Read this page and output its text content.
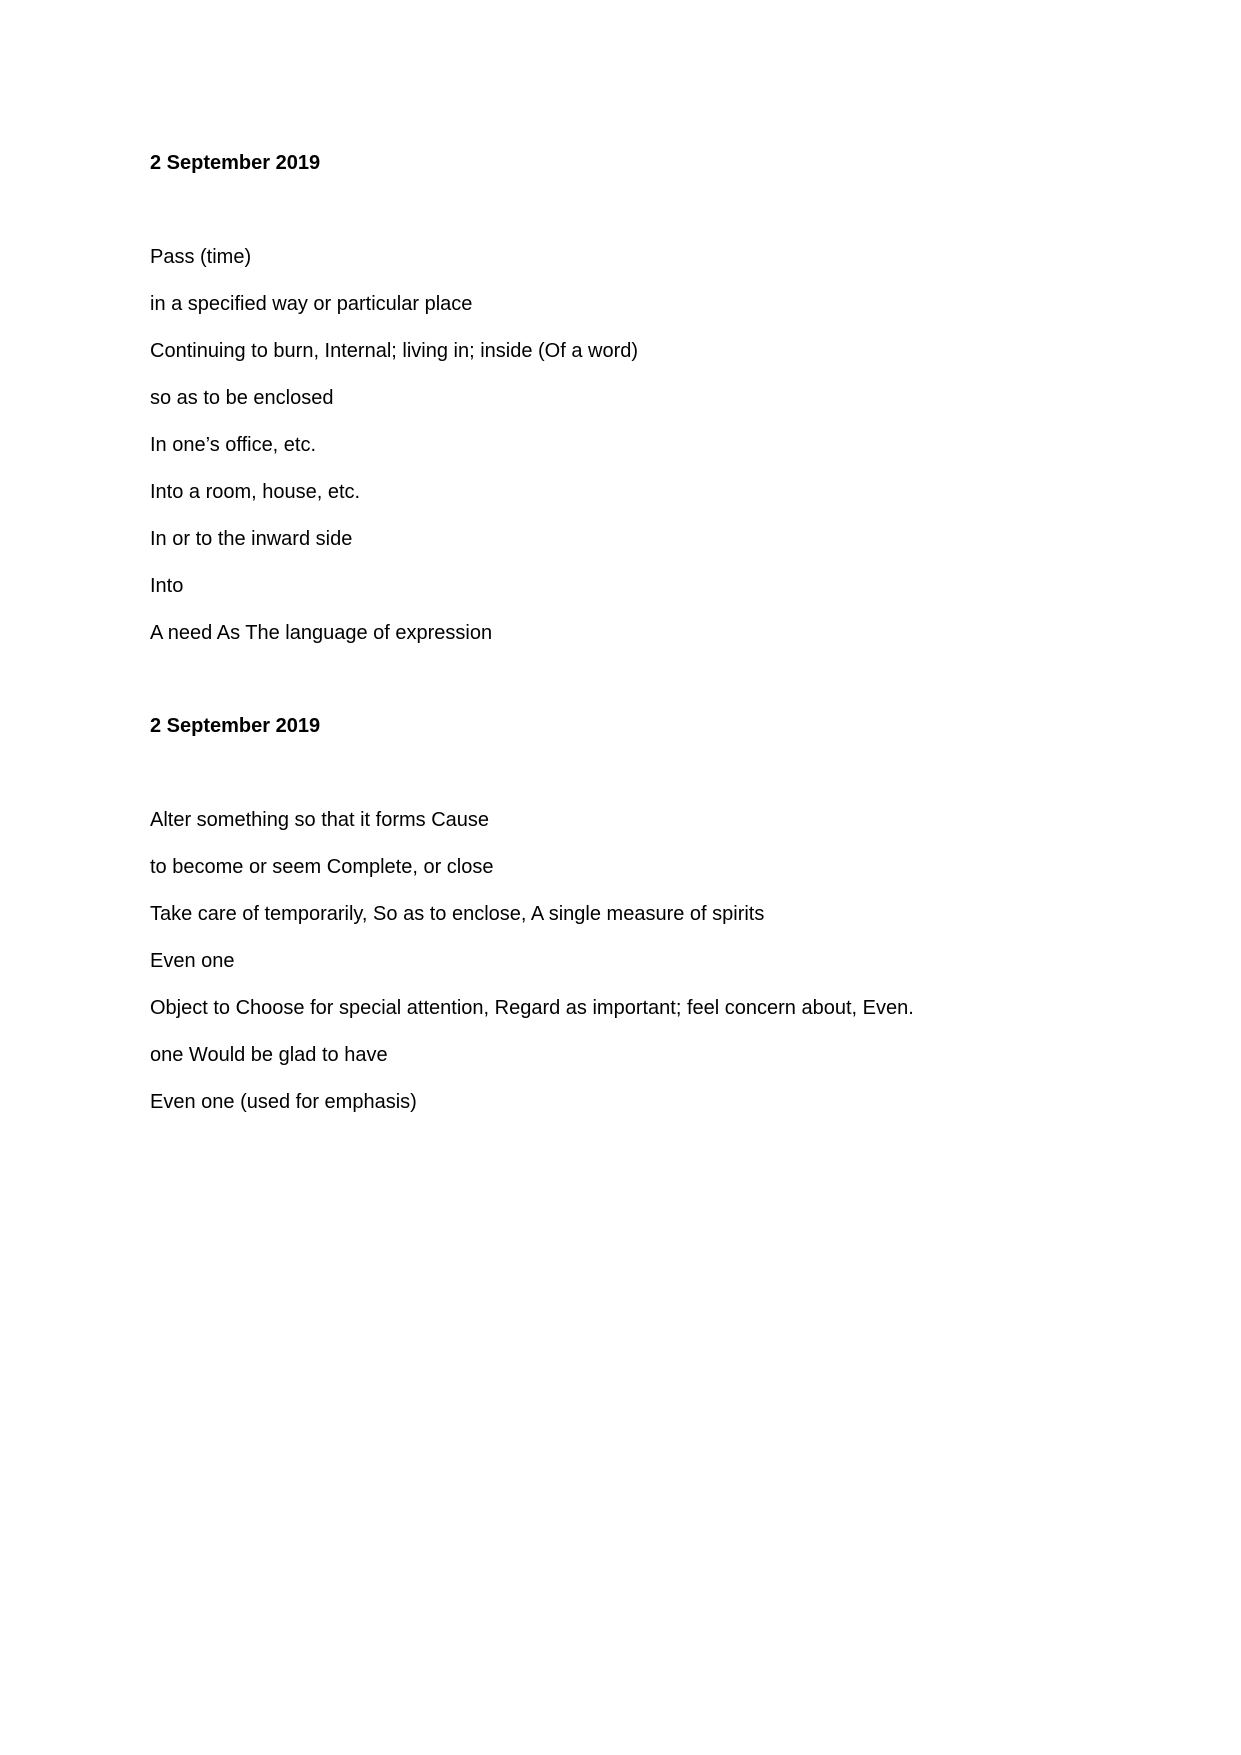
2 September 2019

Pass (time)

in a specified way or particular place

Continuing to burn, Internal; living in; inside (Of a word)

so as to be enclosed

In one’s office, etc.

Into a room, house, etc.

In or to the inward side

Into

A need As The language of expression

2 September 2019

Alter something so that it forms Cause

to become or seem Complete, or close

Take care of temporarily, So as to enclose, A single measure of spirits

Even one

Object to Choose for special attention, Regard as important; feel concern about, Even.

one Would be glad to have

Even one (used for emphasis)
